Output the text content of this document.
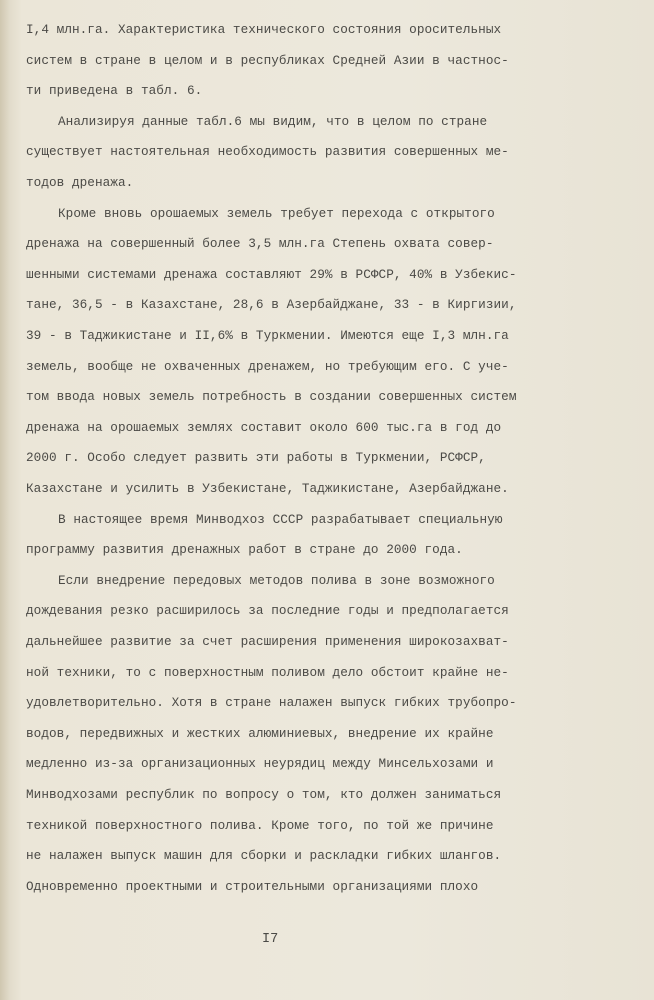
I7
I,4 млн.га. Характеристика технического состояния оросительных
систем в стране в целом и в республиках Средней Азии в частнос-
ти приведена в табл. 6.
Анализируя данные табл.6 мы видим, что в целом по стране
существует настоятельная необходимость развития совершенных ме-
тодов дренажа.
Кроме вновь орошаемых земель требует перехода с открытого
дренажа на совершенный более 3,5 млн.га Степень охвата совер-
шенными системами дренажа составляют 29% в РСФСР, 40% в Узбекис-
тане, 36,5 - в Казахстане, 28,6 в Азербайджане, 33 - в Киргизии,
39 - в Таджикистане и II,6% в Туркмении. Имеются еще I,3 млн.га
земель, вообще не охваченных дренажем, но требующим его. С уче-
том ввода новых земель потребность в создании совершенных систем
дренажа на орошаемых землях составит около 600 тыс.га в год до
2000 г. Особо следует развить эти работы в Туркмении, РСФСР,
Казахстане и усилить в Узбекистане, Таджикистане, Азербайджане.
В настоящее время Минводхоз СССР разрабатывает специальную
программу развития дренажных работ в стране до 2000 года.
Если внедрение передовых методов полива в зоне возможного
дождевания резко расширилось за последние годы и предполагается
дальнейшее развитие за счет расширения применения широкозахват-
ной техники, то с поверхностным поливом дело обстоит крайне не-
удовлетворительно. Хотя в стране налажен выпуск гибких трубопро-
водов, передвижных и жестких алюминиевых, внедрение их крайне
медленно из-за организационных неурядиц между Минсельхозами и
Минводхозами республик по вопросу о том, кто должен заниматься
техникой поверхностного полива. Кроме того, по той же причине
не налажен выпуск машин для сборки и раскладки гибких шлангов.
Одновременно проектными и строительными организациями плохо
